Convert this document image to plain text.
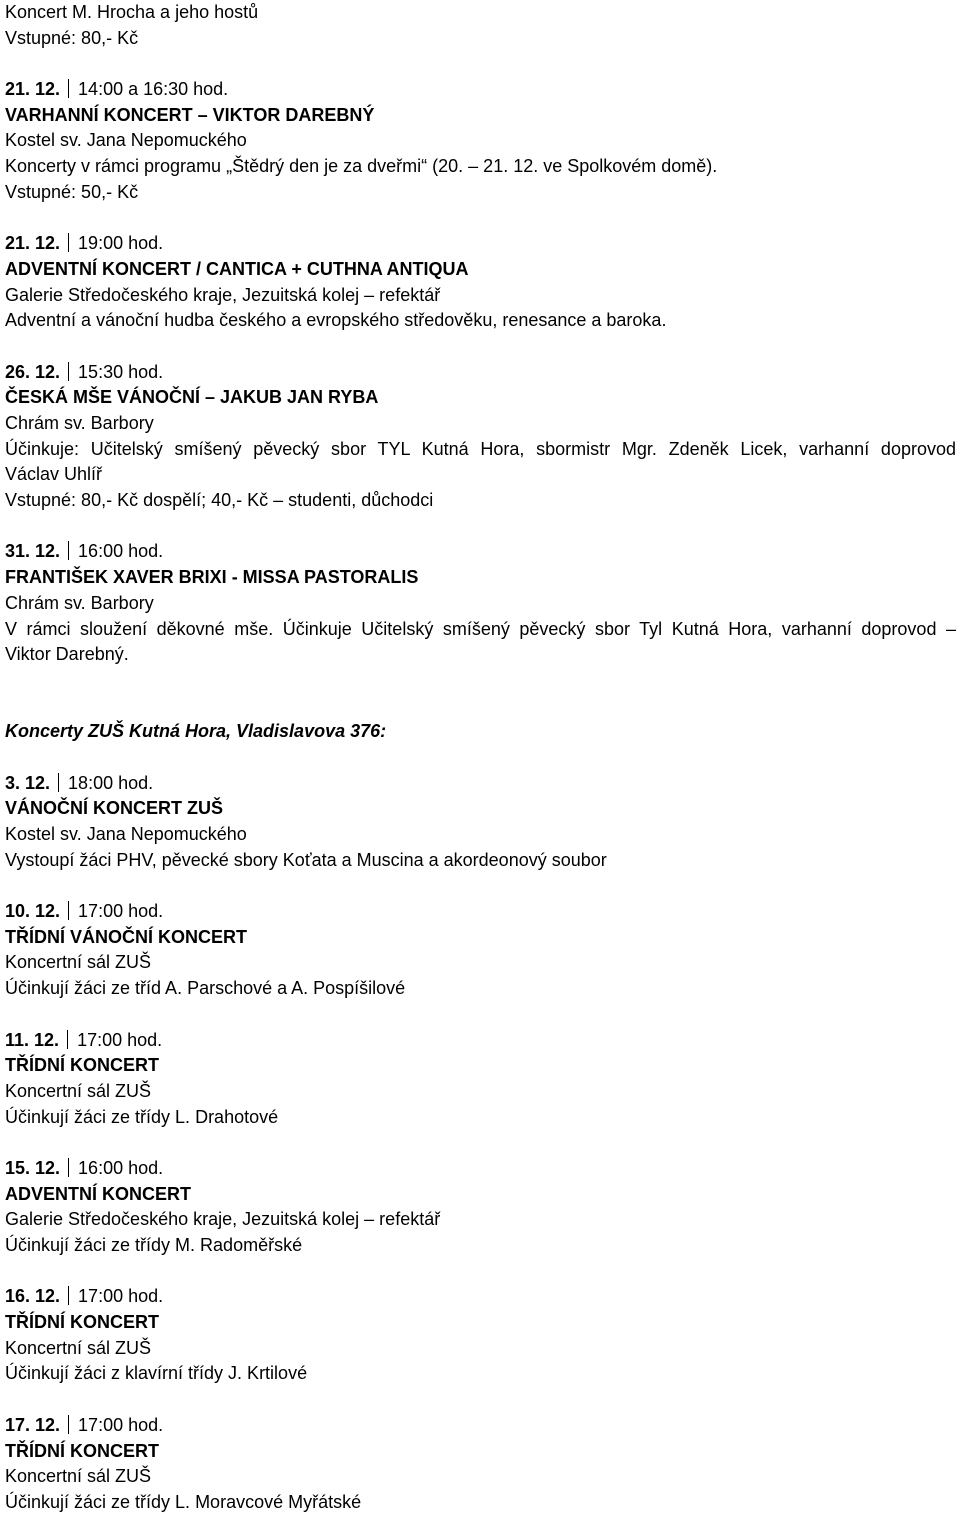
Koncert M. Hrocha a jeho hostů
Vstupné: 80,- Kč
21. 12. 14:00 a 16:30 hod.
VARHANNÍ KONCERT – VIKTOR DAREBNÝ
Kostel sv. Jana Nepomuckého
Koncerty v rámci programu „Štědrý den je za dveřmi“ (20. – 21. 12. ve Spolkovém domě).
Vstupné: 50,- Kč
21. 12. 19:00 hod.
ADVENTNÍ KONCERT / CANTICA + CUTHNA ANTIQUA
Galerie Středočeského kraje, Jezuitská kolej – refektář
Adventní a vánoční hudba českého a evropského středověku, renesance a baroka.
26. 12. 15:30 hod.
ČESKÁ MŠE VÁNOČNÍ – JAKUB JAN RYBA
Chrám sv. Barbory
Účinkuje: Učitelský smíšený pěvecký sbor TYL Kutná Hora, sbormistr Mgr. Zdeněk Licek, varhanní doprovod
Václav Uhlíř
Vstupné: 80,- Kč dospělí; 40,- Kč – studenti, důchodci
31. 12. 16:00 hod.
FRANTIŠEK XAVER BRIXI - MISSA PASTORALIS
Chrám sv. Barbory
V rámci sloužení děkovné mše. Účinkuje Učitelský smíšený pěvecký sbor Tyl Kutná Hora, varhanní doprovod –
Viktor Darebný.
Koncerty ZUŠ Kutná Hora, Vladislavova 376:
3. 12. 18:00 hod.
VÁNOČNÍ KONCERT ZUŠ
Kostel sv. Jana Nepomuckého
Vystoupí žáci PHV, pěvecké sbory Koťata a Muscina a akordeonový soubor
10. 12. 17:00 hod.
TŘÍDNÍ VÁNOČNÍ KONCERT
Koncertní sál ZUŠ
Účinkují žáci ze tříd A. Parschové a A. Pospíšilové
11. 12. 17:00 hod.
TŘÍDNÍ KONCERT
Koncertní sál ZUŠ
Účinkují žáci ze třídy L. Drahotové
15. 12. 16:00 hod.
ADVENTNÍ KONCERT
Galerie Středočeského kraje, Jezuitská kolej – refektář
Účinkují žáci ze třídy M. Radoměřské
16. 12. 17:00 hod.
TŘÍDNÍ KONCERT
Koncertní sál ZUŠ
Účinkují žáci z klavírní třídy J. Krtilové
17. 12. 17:00 hod.
TŘÍDNÍ KONCERT
Koncertní sál ZUŠ
Účinkují žáci ze třídy L. Moravcové Myřátské
